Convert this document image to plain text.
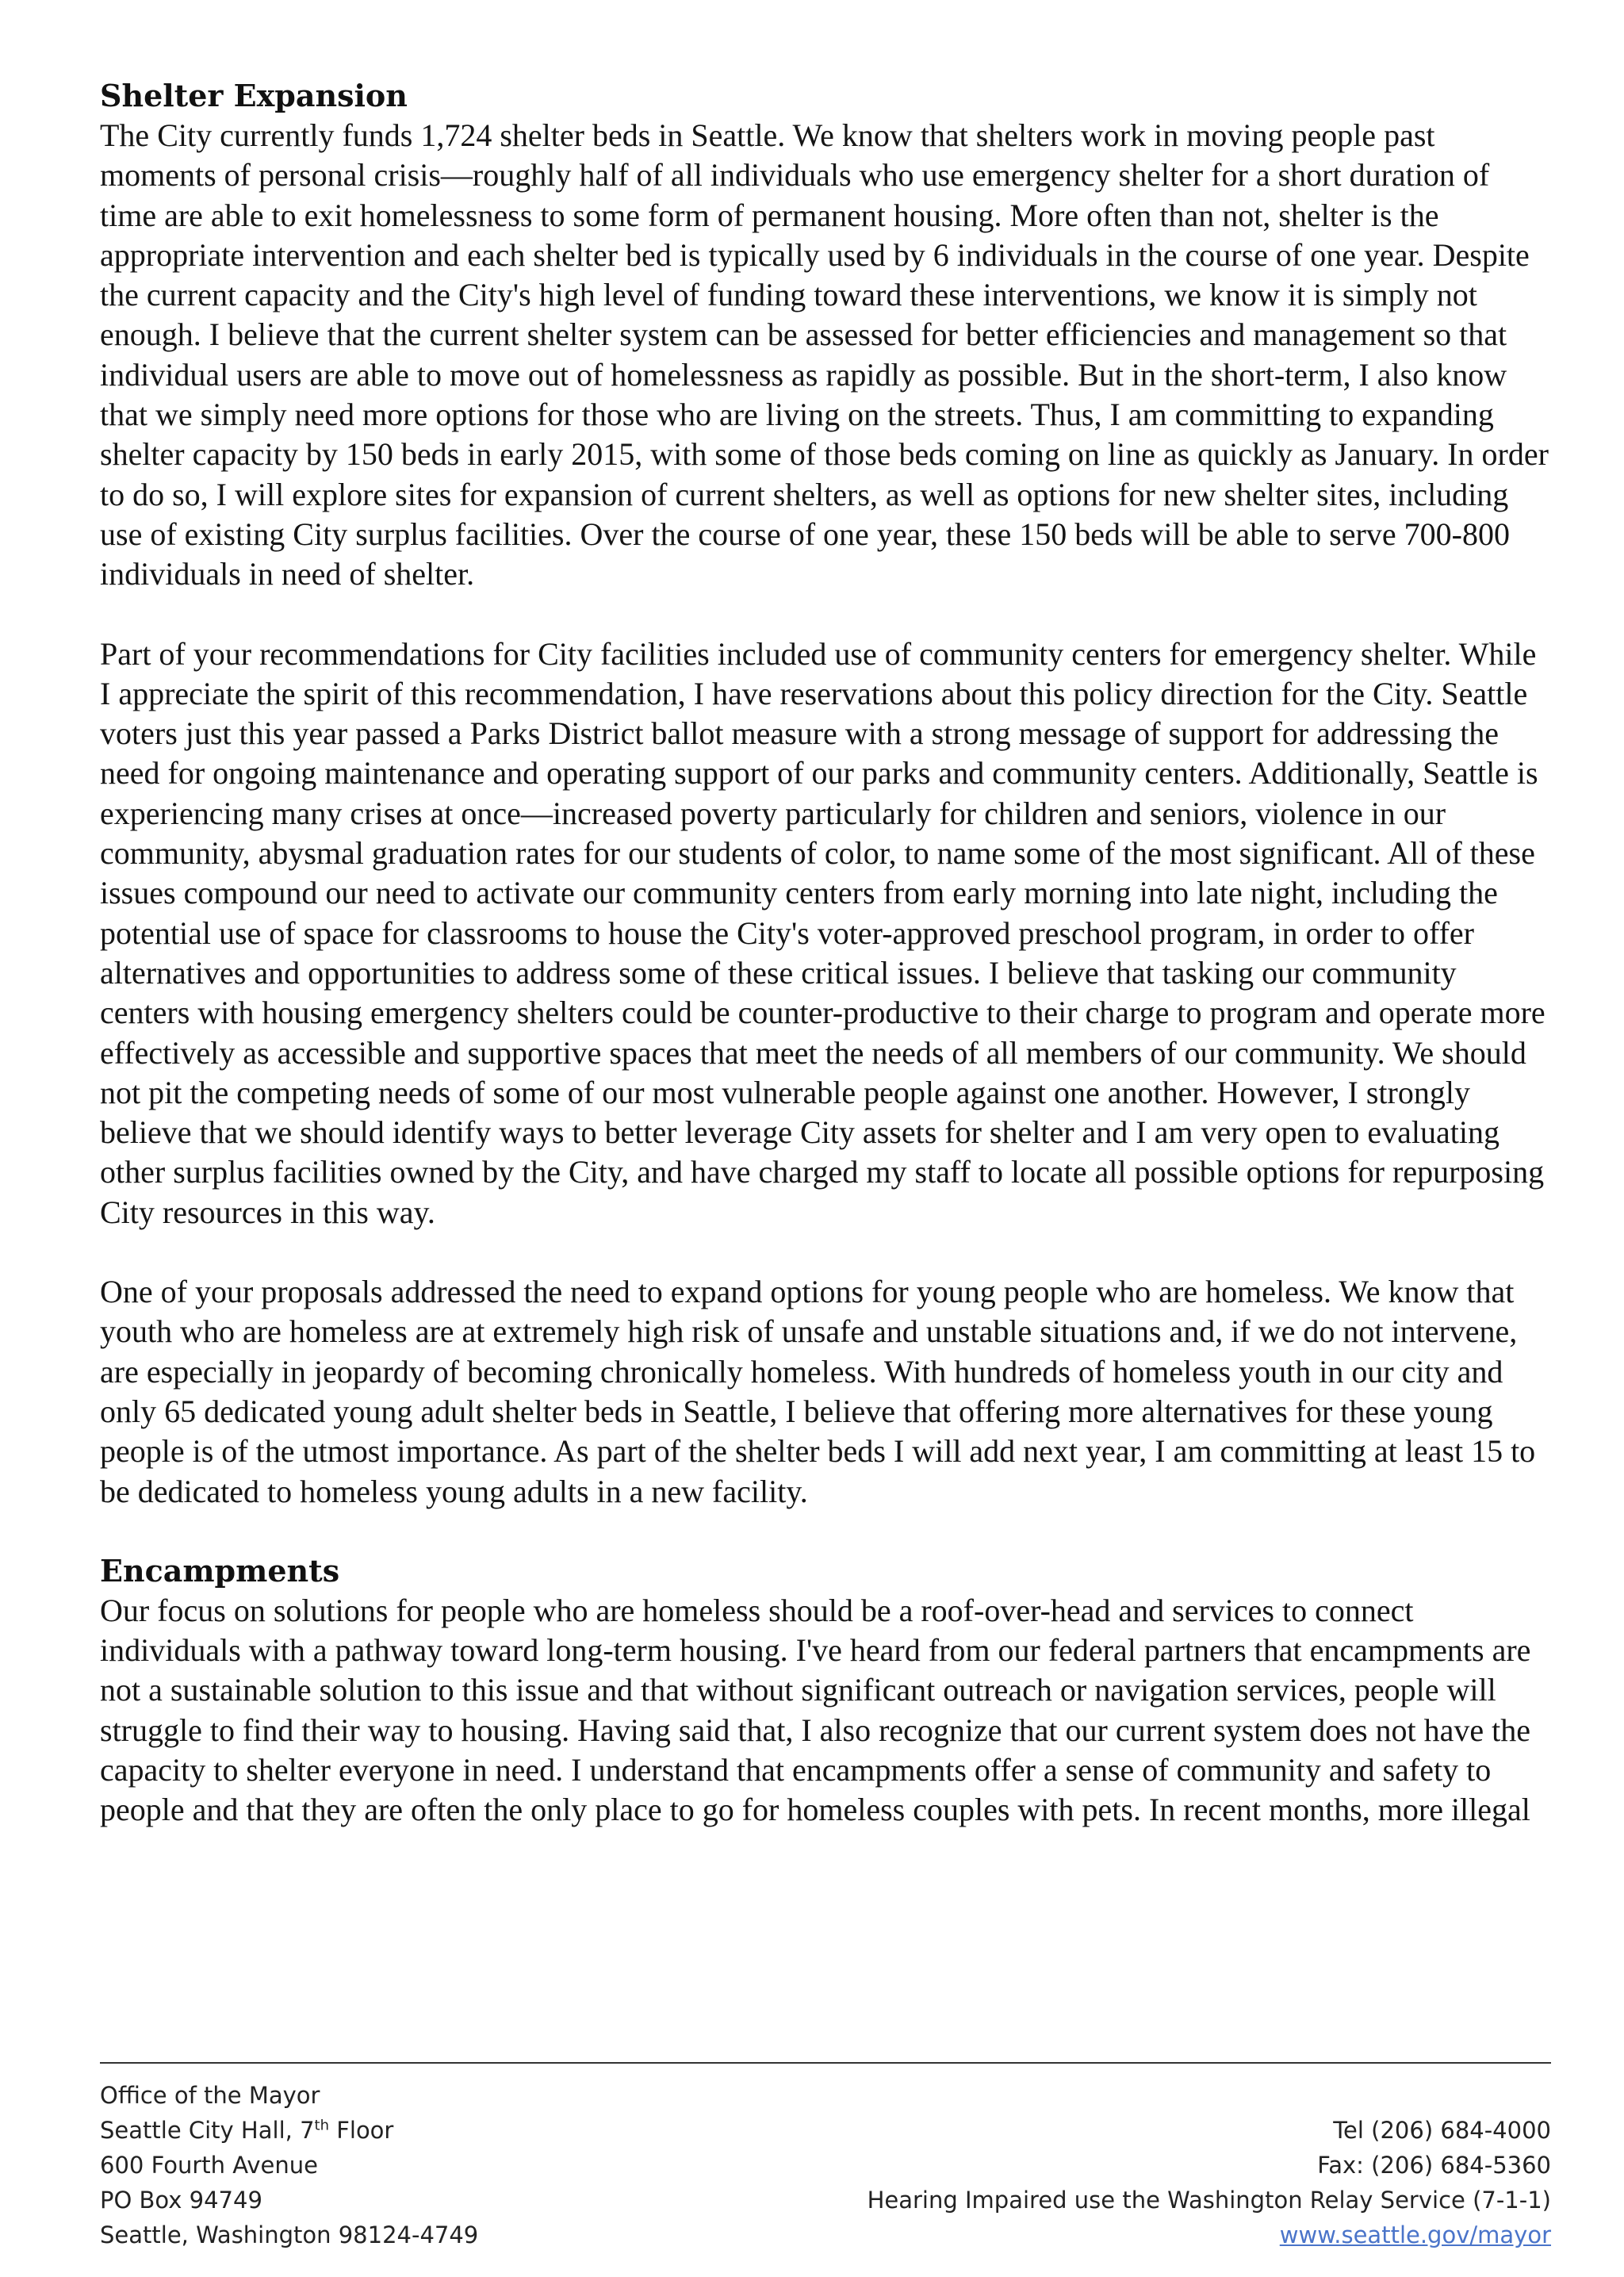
Shelter Expansion

The City currently funds 1,724 shelter beds in Seattle. We know that shelters work in moving people past moments of personal crisis—roughly half of all individuals who use emergency shelter for a short duration of time are able to exit homelessness to some form of permanent housing. More often than not, shelter is the appropriate intervention and each shelter bed is typically used by 6 individuals in the course of one year. Despite the current capacity and the City's high level of funding toward these interventions, we know it is simply not enough. I believe that the current shelter system can be assessed for better efficiencies and management so that individual users are able to move out of homelessness as rapidly as possible. But in the short-term, I also know that we simply need more options for those who are living on the streets. Thus, I am committing to expanding shelter capacity by 150 beds in early 2015, with some of those beds coming on line as quickly as January. In order to do so, I will explore sites for expansion of current shelters, as well as options for new shelter sites, including use of existing City surplus facilities. Over the course of one year, these 150 beds will be able to serve 700-800 individuals in need of shelter.

Part of your recommendations for City facilities included use of community centers for emergency shelter. While I appreciate the spirit of this recommendation, I have reservations about this policy direction for the City. Seattle voters just this year passed a Parks District ballot measure with a strong message of support for addressing the need for ongoing maintenance and operating support of our parks and community centers. Additionally, Seattle is experiencing many crises at once—increased poverty particularly for children and seniors, violence in our community, abysmal graduation rates for our students of color, to name some of the most significant. All of these issues compound our need to activate our community centers from early morning into late night, including the potential use of space for classrooms to house the City's voter-approved preschool program, in order to offer alternatives and opportunities to address some of these critical issues. I believe that tasking our community centers with housing emergency shelters could be counter-productive to their charge to program and operate more effectively as accessible and supportive spaces that meet the needs of all members of our community. We should not pit the competing needs of some of our most vulnerable people against one another. However, I strongly believe that we should identify ways to better leverage City assets for shelter and I am very open to evaluating other surplus facilities owned by the City, and have charged my staff to locate all possible options for repurposing City resources in this way.

One of your proposals addressed the need to expand options for young people who are homeless. We know that youth who are homeless are at extremely high risk of unsafe and unstable situations and, if we do not intervene, are especially in jeopardy of becoming chronically homeless. With hundreds of homeless youth in our city and only 65 dedicated young adult shelter beds in Seattle, I believe that offering more alternatives for these young people is of the utmost importance. As part of the shelter beds I will add next year, I am committing at least 15 to be dedicated to homeless young adults in a new facility.

Encampments

Our focus on solutions for people who are homeless should be a roof-over-head and services to connect individuals with a pathway toward long-term housing. I've heard from our federal partners that encampments are not a sustainable solution to this issue and that without significant outreach or navigation services, people will struggle to find their way to housing. Having said that, I also recognize that our current system does not have the capacity to shelter everyone in need. I understand that encampments offer a sense of community and safety to people and that they are often the only place to go for homeless couples with pets. In recent months, more illegal

Office of the Mayor
Seattle City Hall, 7th Floor
600 Fourth Avenue
PO Box 94749
Seattle, Washington 98124-4749
Tel (206) 684-4000
Fax: (206) 684-5360
Hearing Impaired use the Washington Relay Service (7-1-1)
www.seattle.gov/mayor
